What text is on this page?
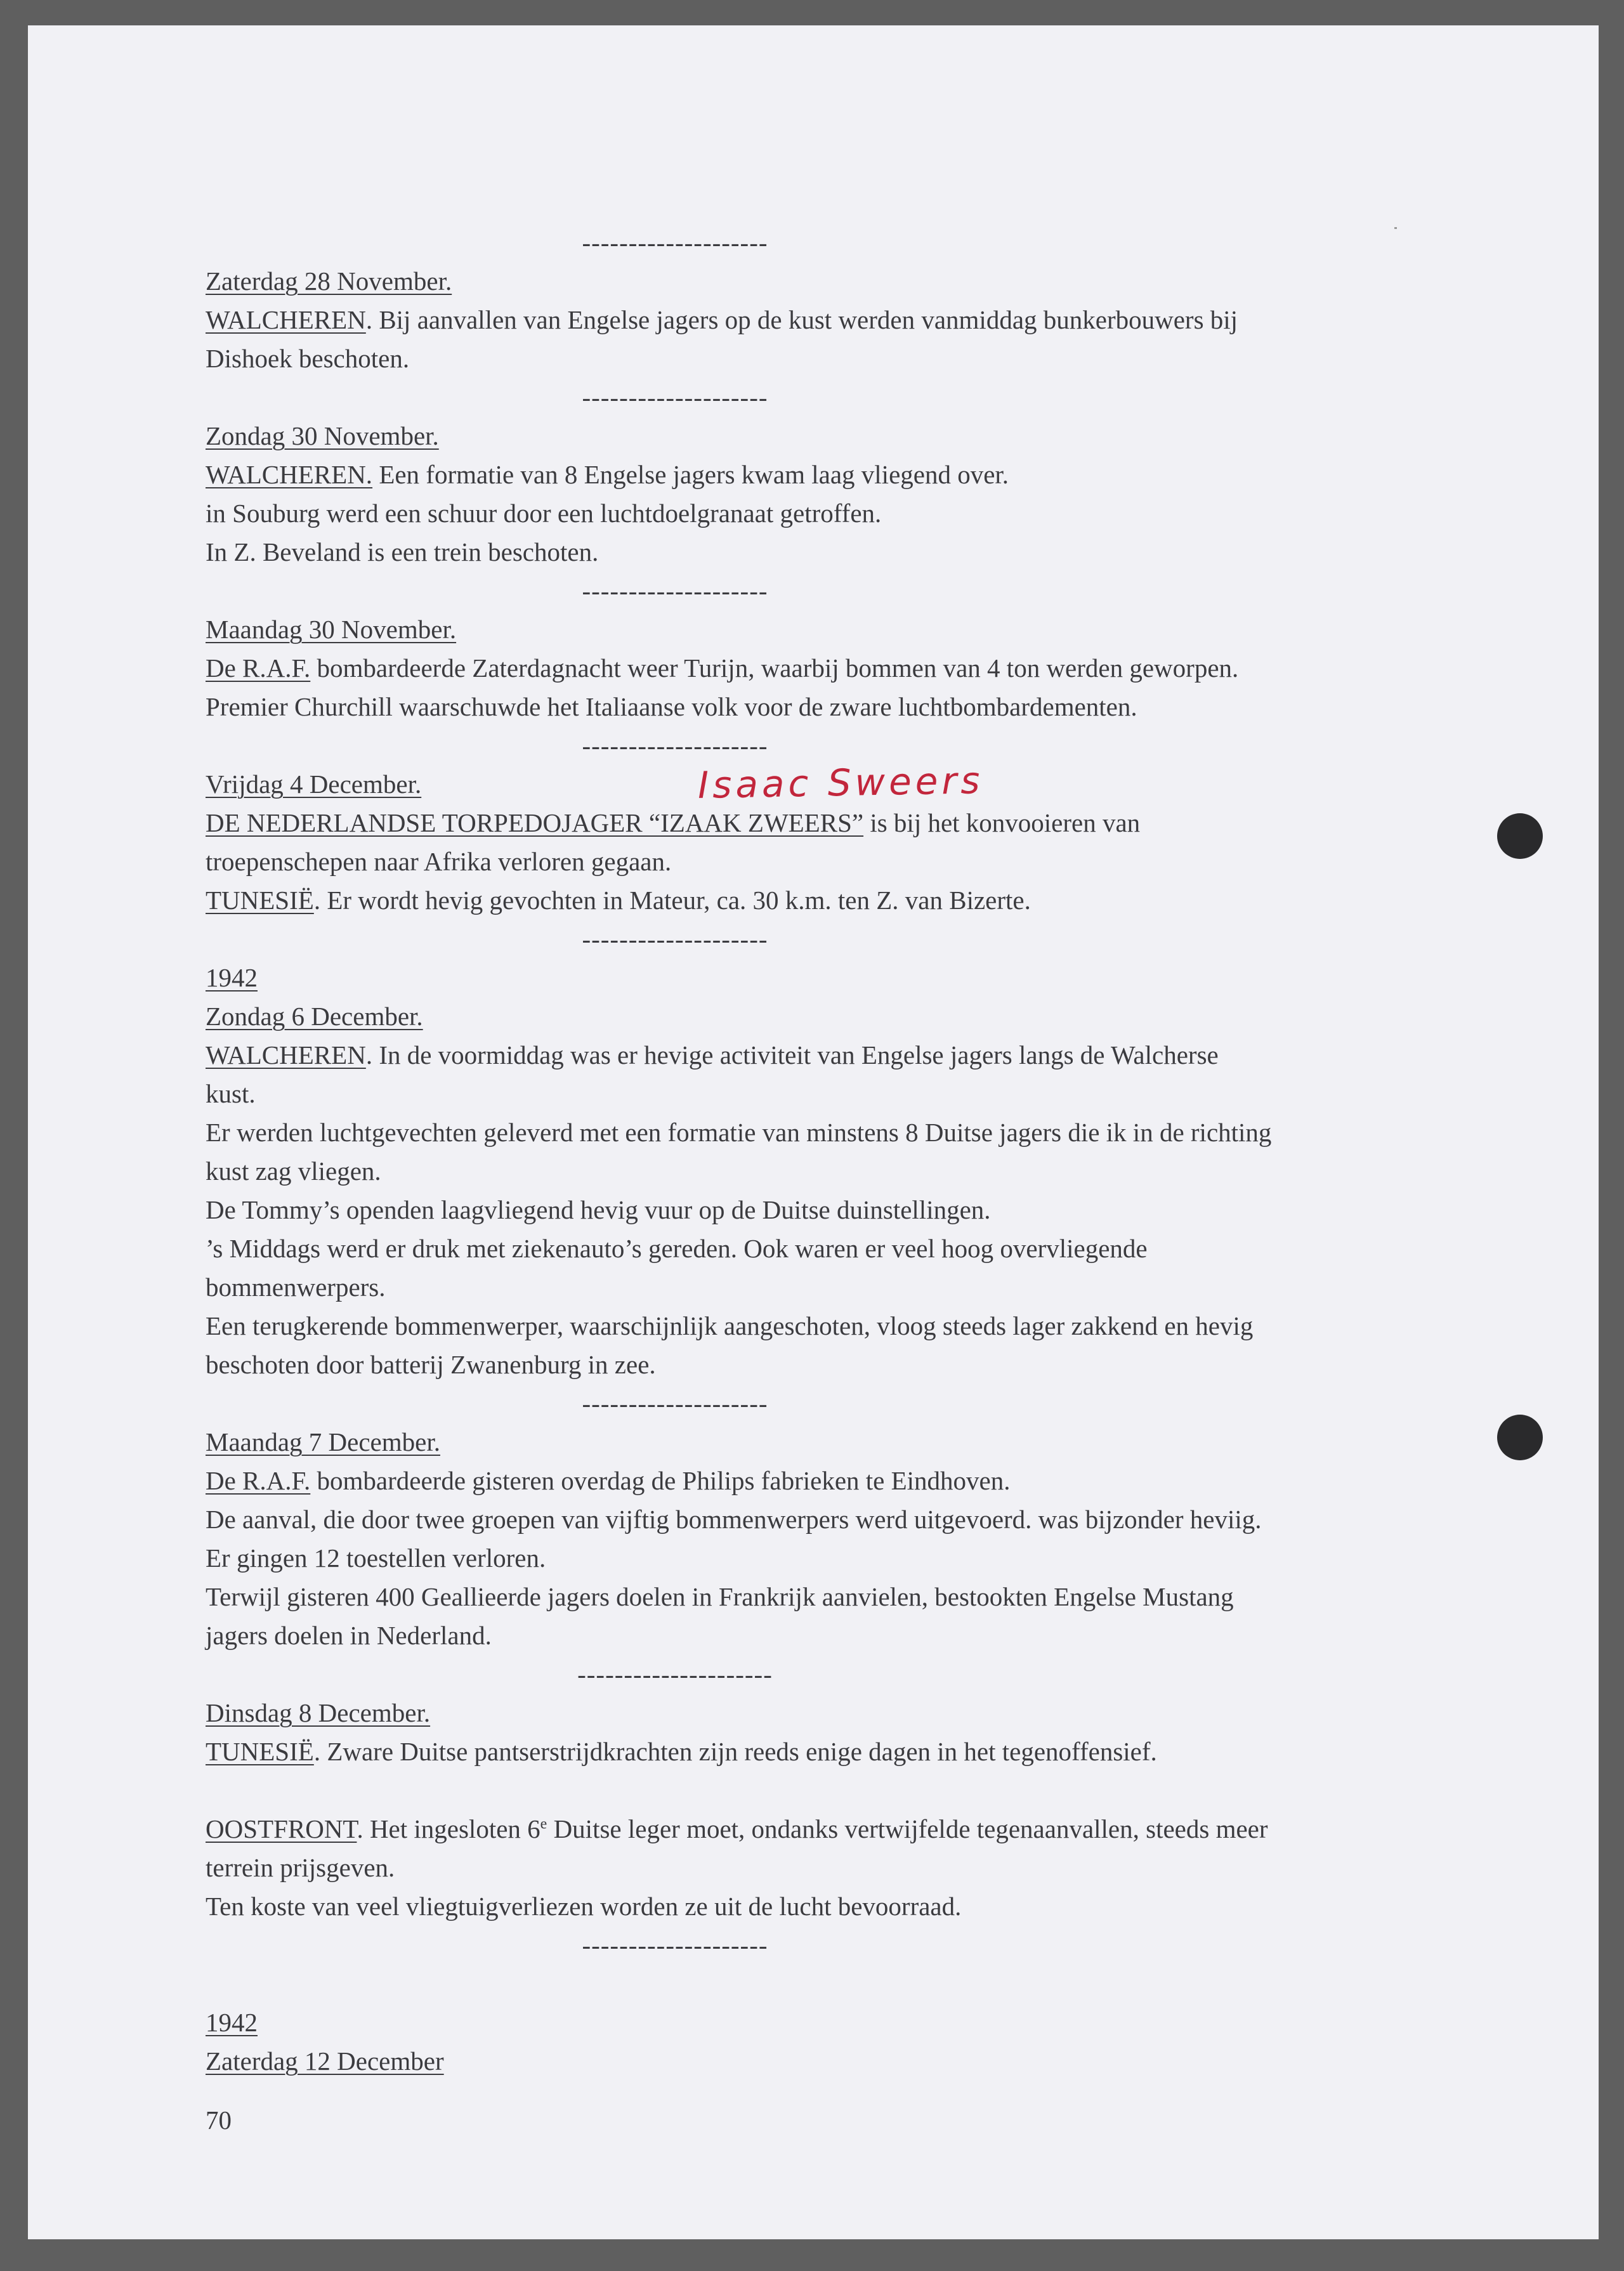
--------------------
Zaterdag 28 November.
WALCHEREN. Bij aanvallen van Engelse jagers op de kust werden vanmiddag bunkerbouwers bij
Dishoek beschoten.
--------------------
Zondag 30 November.
WALCHEREN. Een formatie van 8 Engelse jagers kwam laag vliegend over.
in Souburg werd een schuur door een luchtdoelgranaat getroffen.
In Z. Beveland is een trein beschoten.
--------------------
Maandag 30 November.
De R.A.F. bombardeerde Zaterdagnacht weer Turijn, waarbij bommen van 4 ton werden geworpen.
Premier Churchill waarschuwde het Italiaanse volk voor de zware luchtbombardementen.
--------------------
Vrijdag 4 December.
DE NEDERLANDSE TORPEDOJAGER “IZAAK ZWEERS” is bij het konvooieren van
troepenschepen naar Afrika verloren gegaan.
TUNESIË. Er wordt hevig gevochten in Mateur, ca. 30 k.m. ten Z. van Bizerte.
--------------------
1942
Zondag 6 December.
WALCHEREN. In de voormiddag was er hevige activiteit van Engelse jagers langs de Walcherse
kust.
Er werden luchtgevechten geleverd met een formatie van minstens 8 Duitse jagers die ik in de richting
kust zag vliegen.
De Tommy’s openden laagvliegend hevig vuur op de Duitse duinstellingen.
’s Middags werd er druk met ziekenauto’s gereden. Ook waren er veel hoog overvliegende
bommenwerpers.
Een terugkerende bommenwerper, waarschijnlijk aangeschoten, vloog steeds lager zakkend en hevig
beschoten door batterij Zwanenburg in zee.
--------------------
Maandag 7 December.
De R.A.F. bombardeerde gisteren overdag de Philips fabrieken te Eindhoven.
De aanval, die door twee groepen van vijftig bommenwerpers werd uitgevoerd. was bijzonder heviig.
Er gingen 12 toestellen verloren.
Terwijl gisteren 400 Geallieerde jagers doelen in Frankrijk aanvielen, bestookten Engelse Mustang
jagers doelen in Nederland.
---------------------
Dinsdag 8 December.
TUNESIË. Zware Duitse pantserstrijdkrachten zijn reeds enige dagen in het tegenoffensief.
OOSTFRONT. Het ingesloten 6e Duitse leger moet, ondanks vertwijfelde tegenaanvallen, steeds meer
terrein prijsgeven.
Ten koste van veel vliegtuigverliezen worden ze uit de lucht bevoorraad.
--------------------
1942
Zaterdag 12 December
Isaac Sweers
70
